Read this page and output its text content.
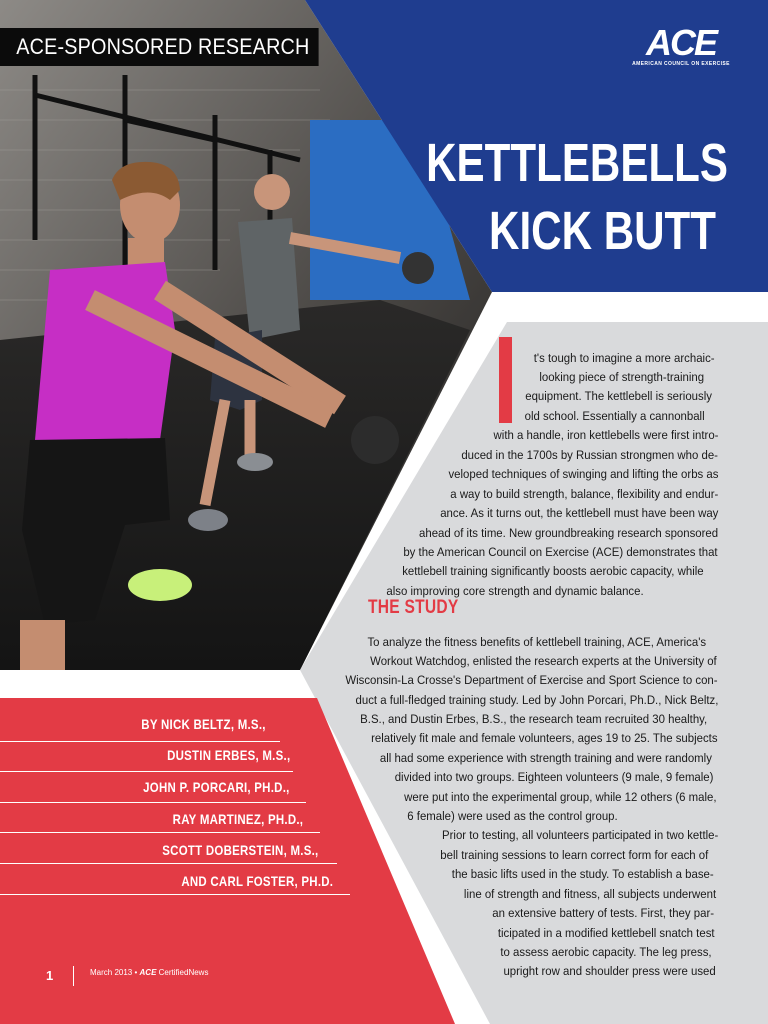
ACE-SPONSORED RESEARCH	ACE
AMERICAN COUNCIL ON EXERCISE
KETTLEBELLS
KICK BUTT
t's tough to imagine a more archaic-
looking piece of strength-training
equipment. The kettlebell is seriously
old school. Essentially a cannonball
with a handle, iron kettlebells were first intro-
duced in the 1700s by Russian strongmen who de-
veloped techniques of swinging and lifting the orbs as
a way to build strength, balance, flexibility and endur-
ance. As it turns out, the kettlebell must have been way
ahead of its time. New groundbreaking research sponsored
by the American Council on Exercise (ACE) demonstrates that
kettlebell training significantly boosts aerobic capacity, while
also improving core strength and dynamic balance.
THE STUDY
To analyze the fitness benefits of kettlebell training, ACE, America's
Workout Watchdog, enlisted the research experts at the University of
Wisconsin-La Crosse's Department of Exercise and Sport Science to con-
duct a full-fledged training study. Led by John Porcari, Ph.D., Nick Beltz,
B.S., and Dustin Erbes, B.S., the research team recruited 30 healthy,
relatively fit male and female volunteers, ages 19 to 25. The subjects
all had some experience with strength training and were randomly
divided into two groups. Eighteen volunteers (9 male, 9 female)
were put into the experimental group, while 12 others (6 male,
6 female) were used as the control group.
Prior to testing, all volunteers participated in two kettle-
bell training sessions to learn correct form for each of
the basic lifts used in the study. To establish a base-
line of strength and fitness, all subjects underwent
an extensive battery of tests. First, they par-
ticipated in a modified kettlebell snatch test
to assess aerobic capacity. The leg press,
upright row and shoulder press were used
BY NICK BELTZ, M.S.,
DUSTIN ERBES, M.S.,
JOHN P. PORCARI, PH.D.,
RAY MARTINEZ, PH.D.,
SCOTT DOBERSTEIN, M.S.,
AND CARL FOSTER, PH.D.
1	March 2013 • ACE CertifiedNews
